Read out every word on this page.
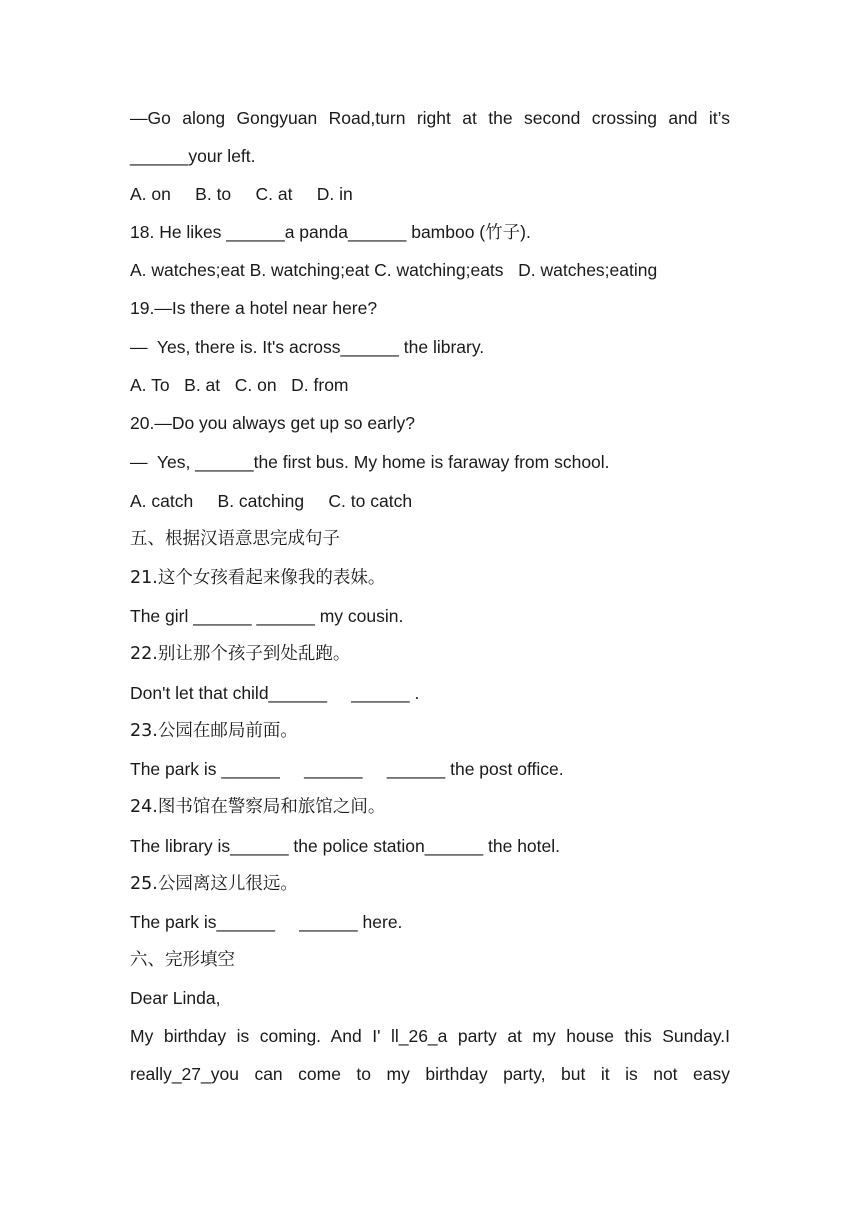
—Go along Gongyuan Road,turn right at the second crossing and it’s

______your left.

A. on     B. to     C. at     D. in

18. He likes ______a panda______ bamboo (竹子).

A. watches;eat B. watching;eat C. watching;eats   D. watches;eating

19.—Is there a hotel near here?

—  Yes, there is. It's across______ the library.

A. To   B. at   C. on   D. from

20.—Do you always get up so early?

—  Yes, ______the first bus. My home is faraway from school.

A. catch     B. catching     C. to catch

五、根据汉语意思完成句子

21.这个女孩看起来像我的表妹。

The girl ______ ______ my cousin.

22.别让那个孩子到处乱跑。

Don't let that child______     ______ .

23.公园在邮局前面。

The park is ______     ______     ______ the post office.

24.图书馆在警察局和旅馆之间。

The library is______ the police station______ the hotel.

25.公园离这儿很远。

The park is______     ______ here.

六、完形填空

Dear Linda,

My birthday is coming. And I' ll_26_a party at my house this Sunday.I

really_27_you can come to my birthday party, but it is not easy
